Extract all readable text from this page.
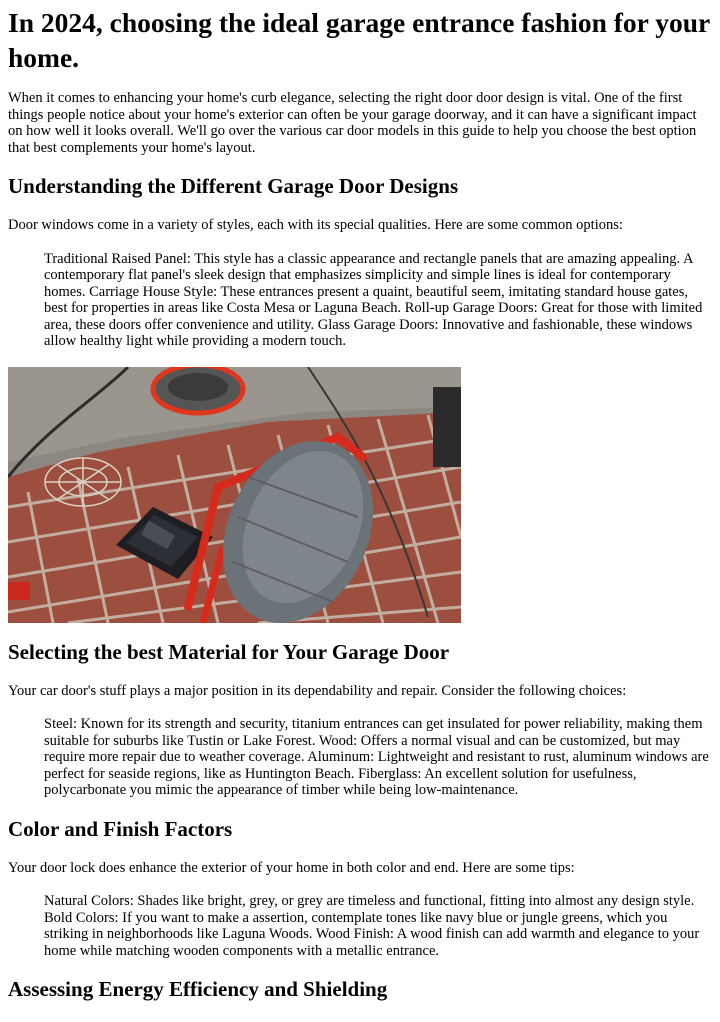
In 2024, choosing the ideal garage entrance fashion for your home.

When it comes to enhancing your home's curb elegance, selecting the right door door design is vital. One of the first things people notice about your home's exterior can often be your garage doorway, and it can have a significant impact on how well it looks overall. We'll go over the various car door models in this guide to help you choose the best option that best complements your home's layout.

Understanding the Different Garage Door Designs

Door windows come in a variety of styles, each with its special qualities. Here are some common options:

Traditional Raised Panel: This style has a classic appearance and rectangle panels that are amazing appealing. A contemporary flat panel's sleek design that emphasizes simplicity and simple lines is ideal for contemporary homes. Carriage House Style: These entrances present a quaint, beautiful seem, imitating standard house gates, best for properties in areas like Costa Mesa or Laguna Beach. Roll-up Garage Doors: Great for those with limited area, these doors offer convenience and utility. Glass Garage Doors: Innovative and fashionable, these windows allow healthy light while providing a modern touch.
Selecting the best Material for Your Garage Door

Your car door's stuff plays a major position in its dependability and repair. Consider the following choices:

Steel: Known for its strength and security, titanium entrances can get insulated for power reliability, making them suitable for suburbs like Tustin or Lake Forest. Wood: Offers a normal visual and can be customized, but may require more repair due to weather coverage. Aluminum: Lightweight and resistant to rust, aluminum windows are perfect for seaside regions, like as Huntington Beach. Fiberglass: An excellent solution for usefulness, polycarbonate you mimic the appearance of timber while being low-maintenance.
Color and Finish Factors

Your door lock does enhance the exterior of your home in both color and end. Here are some tips:

Natural Colors: Shades like bright, grey, or grey are timeless and functional, fitting into almost any design style. Bold Colors: If you want to make a assertion, contemplate tones like navy blue or jungle greens, which you striking in neighborhoods like Laguna Woods. Wood Finish: A wood finish can add warmth and elegance to your home while matching wooden components with a metallic entrance.
Assessing Energy Efficiency and Shielding
